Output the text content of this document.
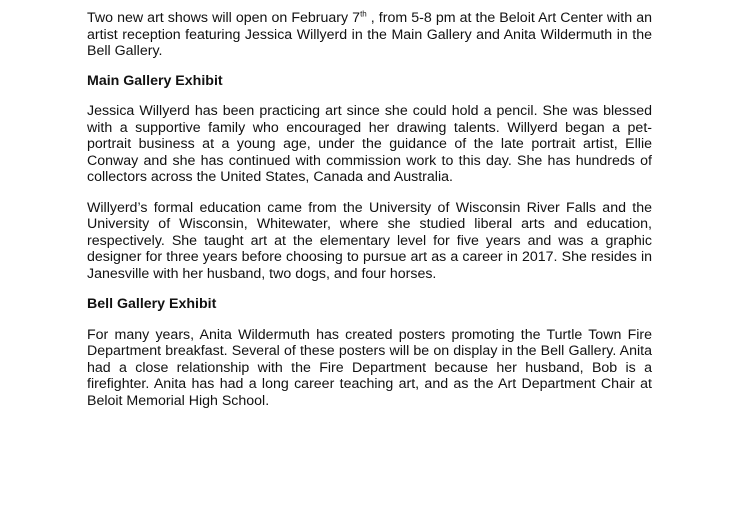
Two new art shows will open on February 7th , from 5-8 pm at the Beloit Art Center with an artist reception featuring Jessica Willyerd in the Main Gallery and Anita Wildermuth in the Bell Gallery.

Main Gallery Exhibit

Jessica Willyerd has been practicing art since she could hold a pencil. She was blessed with a supportive family who encouraged her drawing talents. Willyerd began a pet-portrait business at a young age, under the guidance of the late portrait artist, Ellie Conway and she has continued with commission work to this day. She has hundreds of collectors across the United States, Canada and Australia.

Willyerd’s formal education came from the University of Wisconsin River Falls and the University of Wisconsin, Whitewater, where she studied liberal arts and education, respectively. She taught art at the elementary level for five years and was a graphic designer for three years before choosing to pursue art as a career in 2017. She resides in Janesville with her husband, two dogs, and four horses.

Bell Gallery Exhibit

For many years, Anita Wildermuth has created posters promoting the Turtle Town Fire Department breakfast. Several of these posters will be on display in the Bell Gallery. Anita had a close relationship with the Fire Department because her husband, Bob is a firefighter. Anita has had a long career teaching art, and as the Art Department Chair at Beloit Memorial High School.
